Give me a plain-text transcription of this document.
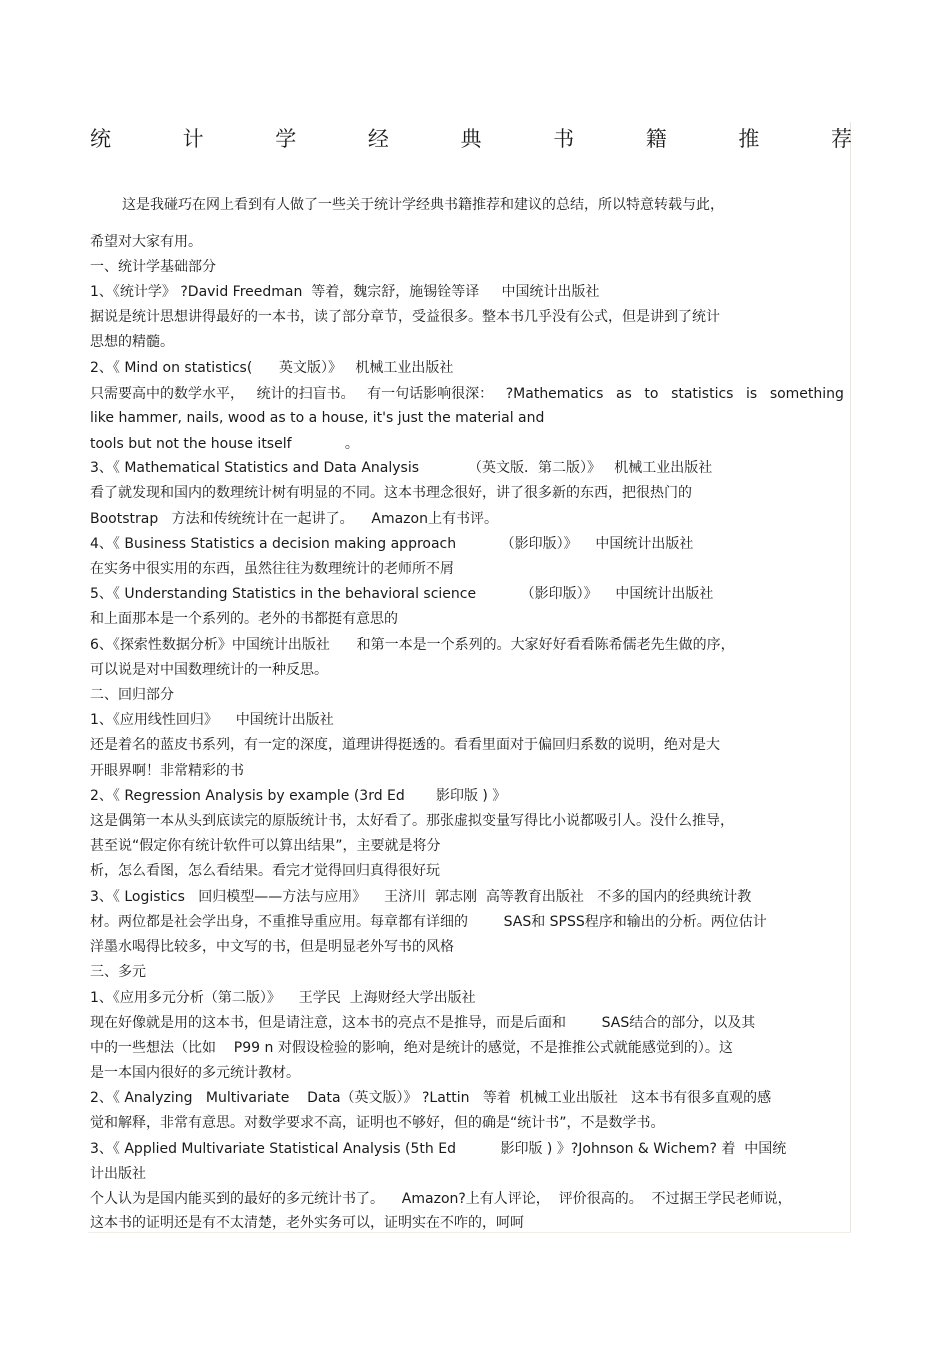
统	计	学	经	典	书	籍	推	荐
这是我碰巧在网上看到有人做了一些关于统计学经典书籍推荐和建议的总结，所以特意转载与此，
希望对大家有用。
一、统计学基础部分
1、《统计学》 ?David Freedman  等着，魏宗舒，施锡铨等译     中国统计出版社
据说是统计思想讲得最好的一本书，读了部分章节，受益很多。整本书几乎没有公式，但是讲到了统计
思想的精髓。
2、《 Mind on statistics(      英文版）》   机械工业出版社
只需要高中的数学水平， 统计的扫盲书。 有一句话影响很深： ?Mathematics as to statistics is something
like hammer, nails, wood as to a house, it's just the material and
tools but not the house itself            。
3、《 Mathematical Statistics and Data Analysis           （英文版．第二版）》   机械工业出版社
看了就发现和国内的数理统计树有明显的不同。这本书理念很好，讲了很多新的东西，把很热门的
Bootstrap   方法和传统统计在一起讲了。    Amazon上有书评。
4、《 Business Statistics a decision making approach          （影印版）》    中国统计出版社
在实务中很实用的东西，虽然往往为数理统计的老师所不屑
5、《 Understanding Statistics in the behavioral science          （影印版）》    中国统计出版社
和上面那本是一个系列的。老外的书都挺有意思的
6、《探索性数据分析》中国统计出版社      和第一本是一个系列的。大家好好看看陈希儒老先生做的序，
可以说是对中国数理统计的一种反思。
二、回归部分
1、《应用线性回归》    中国统计出版社
还是着名的蓝皮书系列，有一定的深度，道理讲得挺透的。看看里面对于偏回归系数的说明，绝对是大
开眼界啊！非常精彩的书
2、《 Regression Analysis by example (3rd Ed       影印版 ) 》
这是偶第一本从头到底读完的原版统计书，太好看了。那张虚拟变量写得比小说都吸引人。没什么推导，
甚至说“假定你有统计软件可以算出结果”，主要就是将分
析，怎么看图，怎么看结果。看完才觉得回归真得很好玩
3、《 Logistics   回归模型——方法与应用》    王济川  郭志刚  高等教育出版社   不多的国内的经典统计教
材。两位都是社会学出身，不重推导重应用。每章都有详细的        SAS和 SPSS程序和输出的分析。两位估计
洋墨水喝得比较多，中文写的书，但是明显老外写书的风格
三、多元
1、《应用多元分析（第二版）》    王学民  上海财经大学出版社
现在好像就是用的这本书，但是请注意，这本书的亮点不是推导，而是后面和        SAS结合的部分，以及其
中的一些想法（比如    P99 n 对假设检验的影响，绝对是统计的感觉，不是推推公式就能感觉到的）。这
是一本国内很好的多元统计教材。
2、《 Analyzing   Multivariate    Data（英文版）》 ?Lattin   等着  机械工业出版社   这本书有很多直观的感
觉和解释，非常有意思。对数学要求不高，证明也不够好，但的确是“统计书”，不是数学书。
3、《 Applied Multivariate Statistical Analysis (5th Ed          影印版 ) 》?Johnson & Wichem? 着  中国统
计出版社
个人认为是国内能买到的最好的多元统计书了。    Amazon?上有人评论，  评价很高的。  不过据王学民老师说，
这本书的证明还是有不太清楚，老外实务可以，证明实在不咋的，呵呵
